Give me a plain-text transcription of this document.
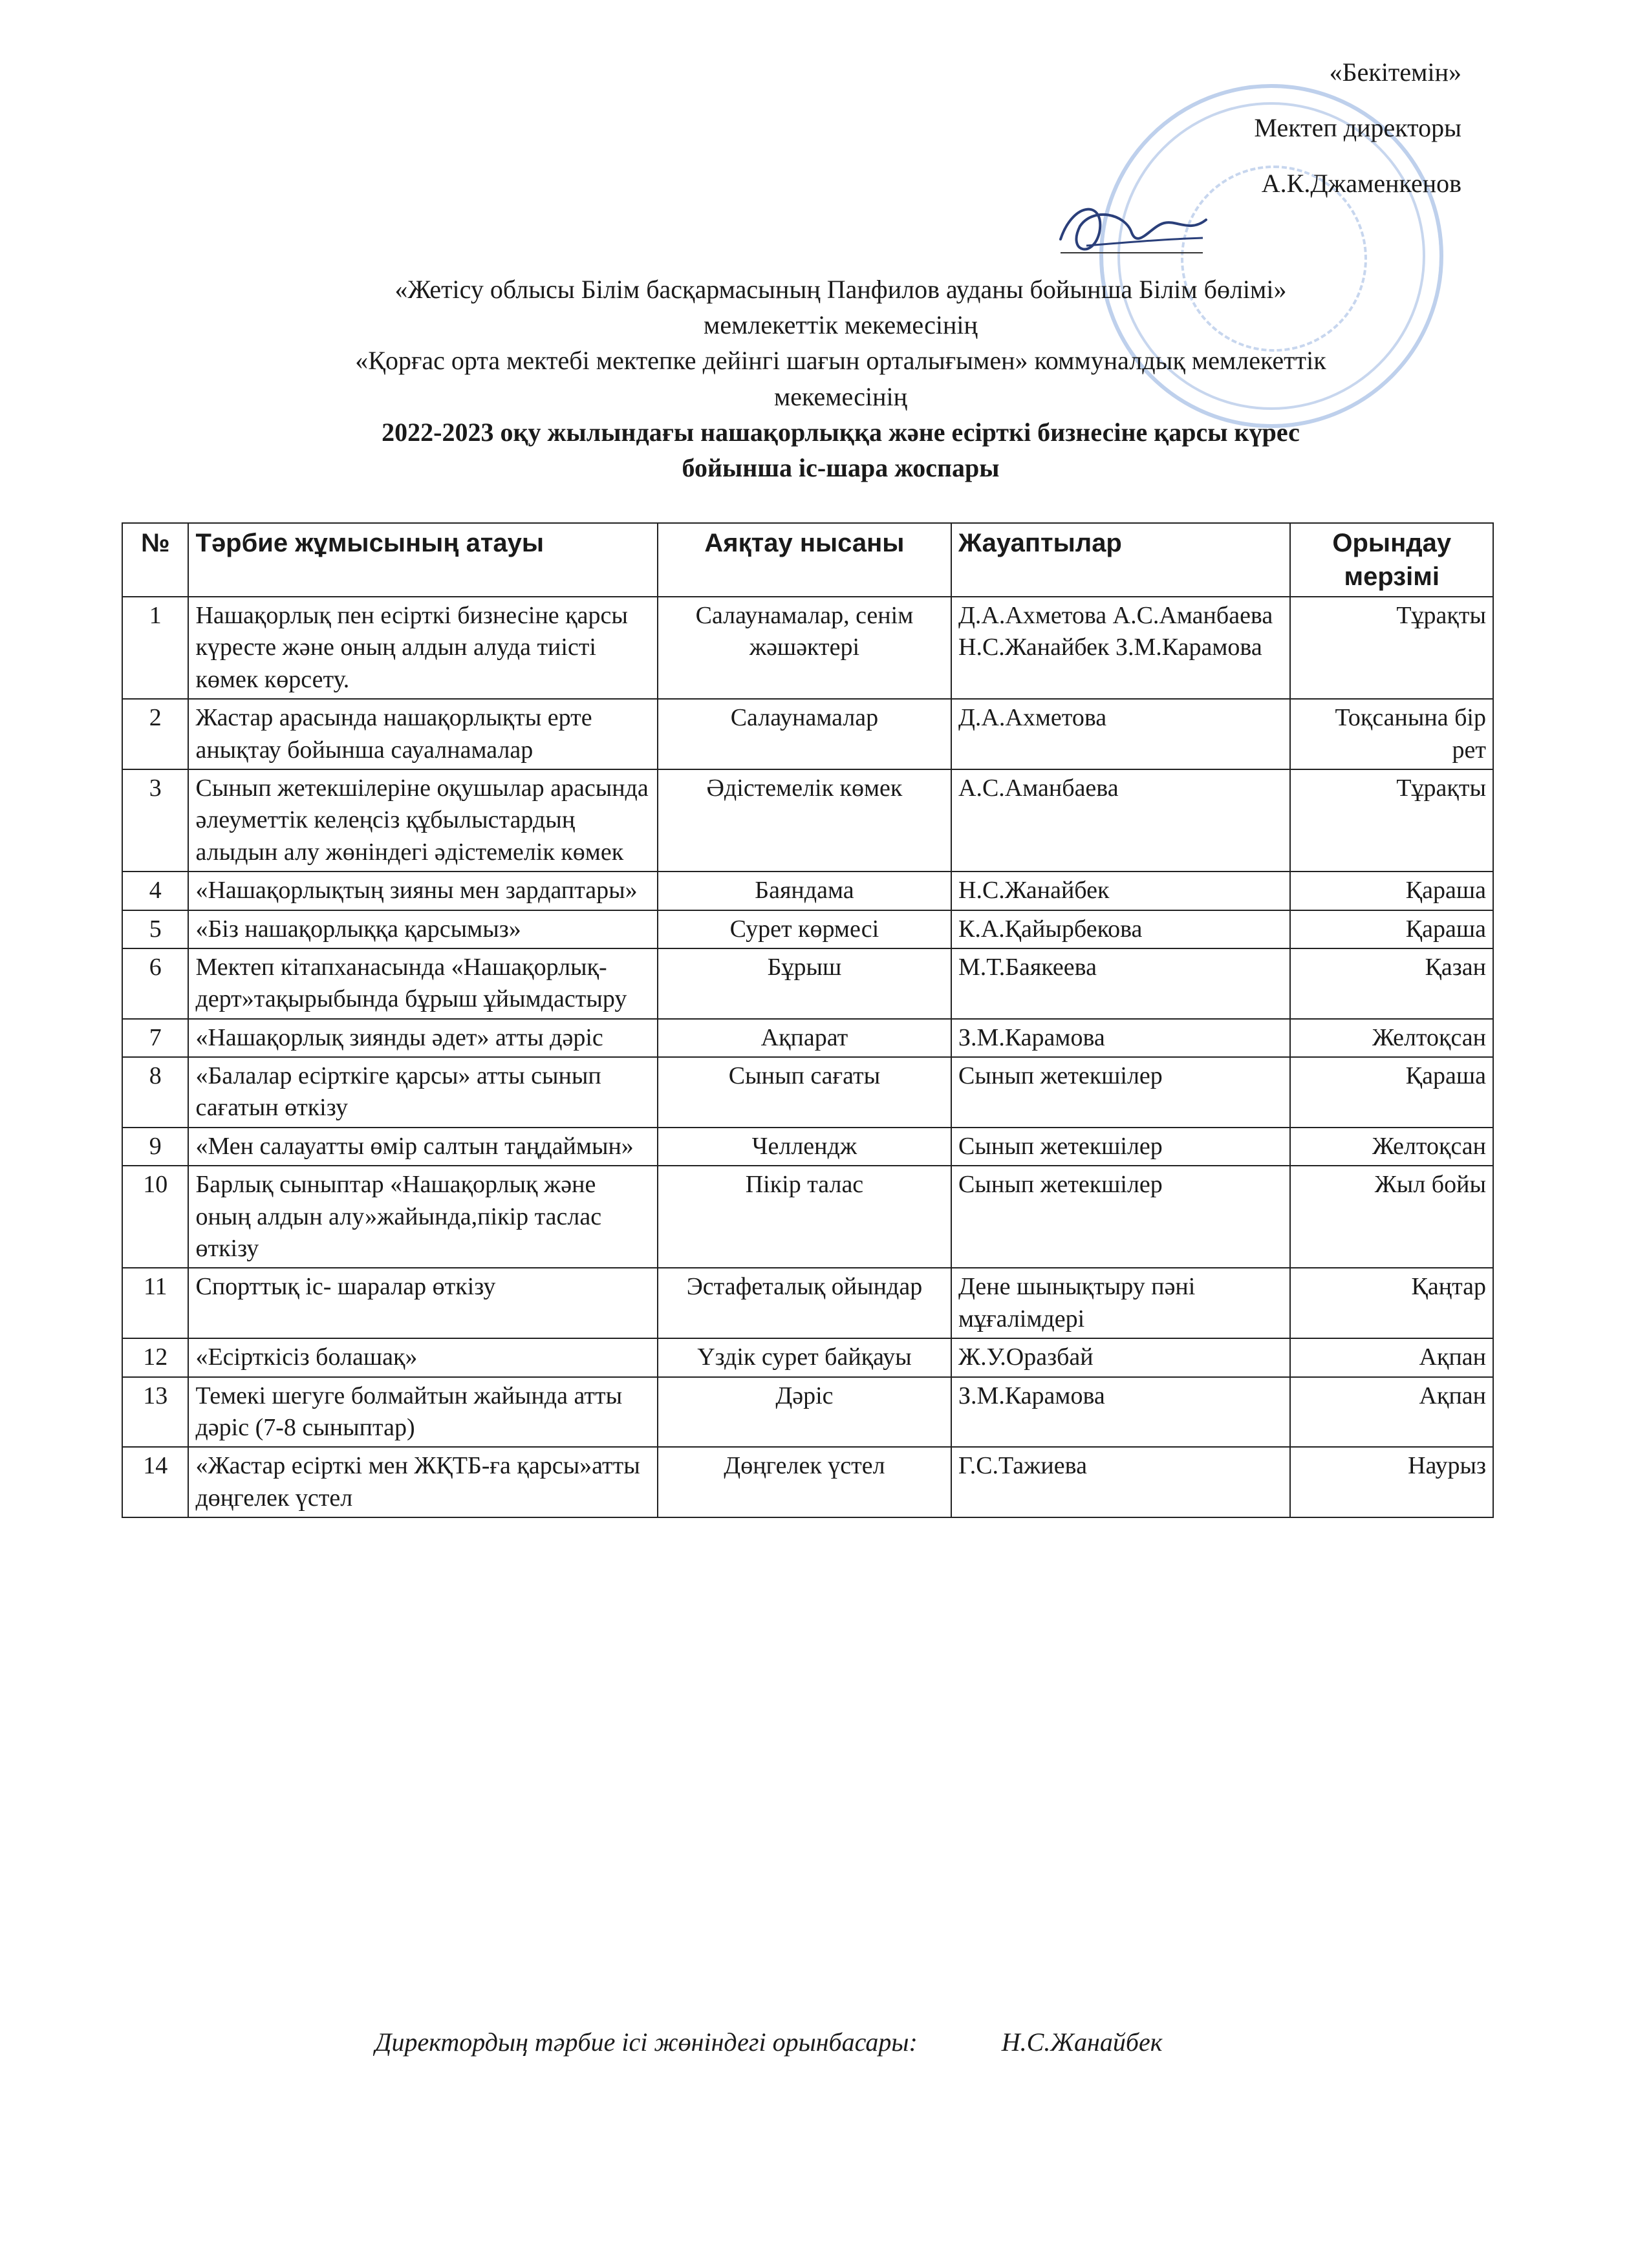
«Бекітемін»
Мектеп директоры
А.К.Джаменкенов
«Жетісу облысы Білім басқармасының Панфилов ауданы бойынша Білім бөлімі»
мемлекеттік мекемесінің
«Қорғас орта мектебі мектепке дейінгі шағын орталығымен» коммуналдық мемлекеттік
мекемесінің
2022-2023 оқу жылындағы нашақорлыққа және есірткі бизнесіне қарсы күрес
бойынша іс-шара жоспары
№	Тәрбие жұмысының атауы	Аяқтау нысаны	Жауаптылар	Орындау мерзімі
1	Нашақорлық пен есірткі бизнесіне қарсы күресте және оның алдын алуда тиісті көмек көрсету.	Салаунамалар, сенім жәшәктері	Д.А.Ахметова А.С.Аманбаева Н.С.Жанайбек З.М.Карамова	Тұрақты
2	Жастар арасында нашақорлықты ерте анықтау бойынша сауалнамалар	Салаунамалар	Д.А.Ахметова	Тоқсанына бір рет
3	Сынып жетекшілеріне оқушылар арасында әлеуметтік келеңсіз құбылыстардың алыдын алу жөніндегі әдістемелік көмек	Әдістемелік көмек	А.С.Аманбаева	Тұрақты
4	«Нашақорлықтың зияны мен зардаптары»	Баяндама	Н.С.Жанайбек	Қараша
5	«Біз нашақорлыққа қарсымыз»	Сурет көрмесі	К.А.Қайырбекова	Қараша
6	Мектеп кітапханасында «Нашақорлық-дерт»тақырыбында бұрыш ұйымдастыру	Бұрыш	М.Т.Баякеева	Қазан
7	«Нашақорлық зиянды әдет» атты дәріс	Ақпарат	З.М.Карамова	Желтоқсан
8	«Балалар есірткіге қарсы» атты сынып сағатын өткізу	Сынып сағаты	Сынып жетекшілер	Қараша
9	«Мен салауатты өмір салтын таңдаймын»	Челлендж	Сынып жетекшілер	Желтоқсан
10	Барлық сыныптар «Нашақорлық және оның алдын алу»жайында,пікір таслас өткізу	Пікір талас	Сынып жетекшілер	Жыл бойы
11	Спорттық іс- шаралар өткізу	Эстафеталық ойындар	Дене шынықтыру пәні мұғалімдері	Қаңтар
12	«Есірткісіз болашақ»	Үздік сурет байқауы	Ж.У.Оразбай	Ақпан
13	Темекі шегуге болмайтын жайында атты дәріс (7-8 сыныптар)	Дәріс	З.М.Карамова	Ақпан
14	«Жастар есірткі мен ЖҚТБ-ға қарсы»атты дөңгелек үстел	Дөңгелек үстел	Г.С.Тажиева	Наурыз
Директордың тәрбие ісі жөніндегі орынбасары:	Н.С.Жанайбек
